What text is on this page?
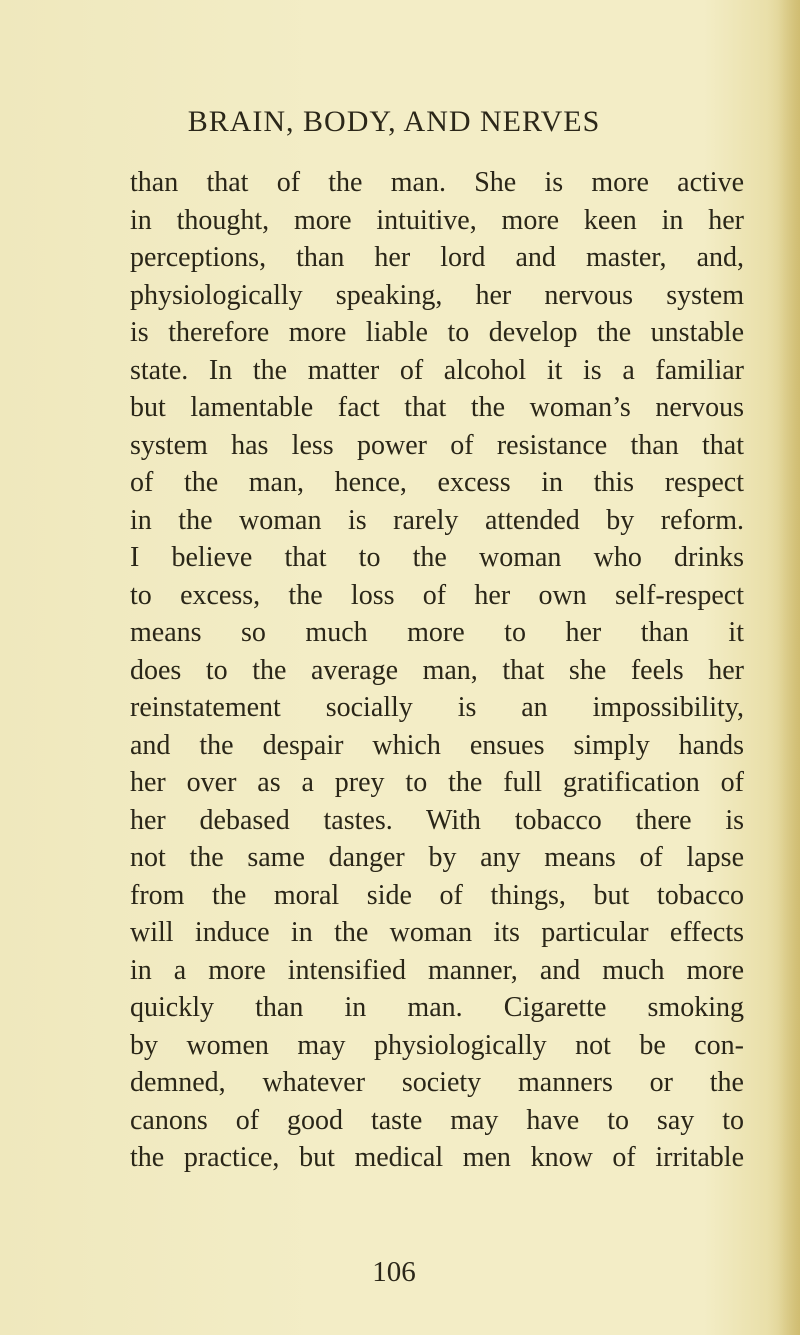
BRAIN, BODY, AND NERVES
than that of the man. She is more active
in thought, more intuitive, more keen in her
perceptions, than her lord and master, and,
physiologically speaking, her nervous system
is therefore more liable to develop the unstable
state. In the matter of alcohol it is a familiar
but lamentable fact that the woman’s nervous
system has less power of resistance than that
of the man, hence, excess in this respect
in the woman is rarely attended by reform.
I believe that to the woman who drinks
to excess, the loss of her own self-respect
means so much more to her than it
does to the average man, that she feels her
reinstatement socially is an impossibility,
and the despair which ensues simply hands
her over as a prey to the full gratification of
her debased tastes. With tobacco there is
not the same danger by any means of lapse
from the moral side of things, but tobacco
will induce in the woman its particular effects
in a more intensified manner, and much more
quickly than in man. Cigarette smoking
by women may physiologically not be con-
demned, whatever society manners or the
canons of good taste may have to say to
the practice, but medical men know of irritable
106
